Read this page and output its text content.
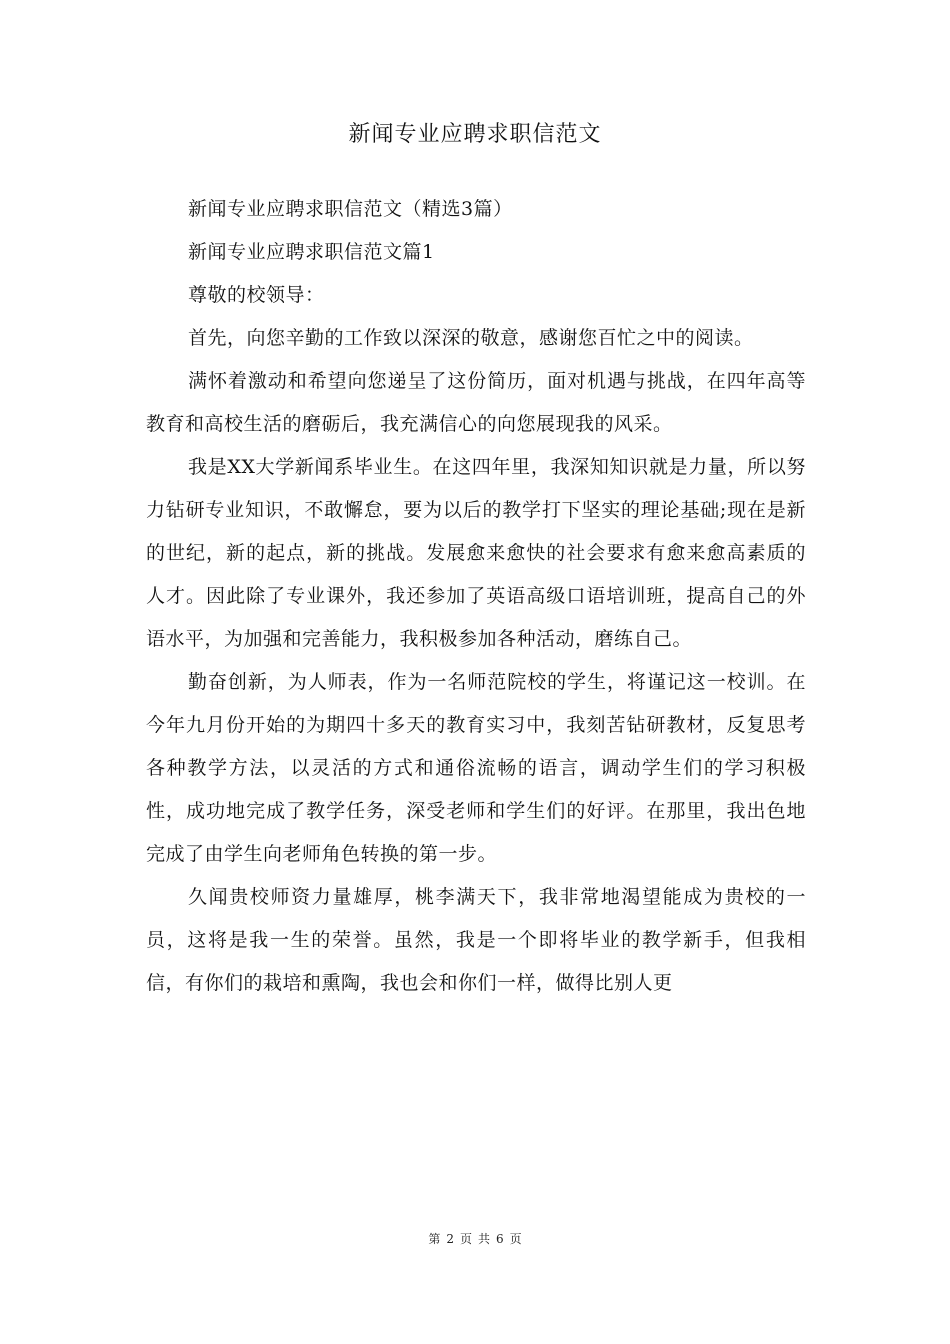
新闻专业应聘求职信范文

新闻专业应聘求职信范文（精选3篇）

新闻专业应聘求职信范文篇1

尊敬的校领导：

首先，向您辛勤的工作致以深深的敬意，感谢您百忙之中的阅读。

满怀着激动和希望向您递呈了这份简历，面对机遇与挑战，在四年高等教育和高校生活的磨砺后，我充满信心的向您展现我的风采。

我是XX大学新闻系毕业生。在这四年里，我深知知识就是力量，所以努力钻研专业知识，不敢懈怠，要为以后的教学打下坚实的理论基础;现在是新的世纪，新的起点，新的挑战。发展愈来愈快的社会要求有愈来愈高素质的人才。因此除了专业课外，我还参加了英语高级口语培训班，提高自己的外语水平，为加强和完善能力，我积极参加各种活动，磨练自己。

勤奋创新，为人师表，作为一名师范院校的学生，将谨记这一校训。在今年九月份开始的为期四十多天的教育实习中，我刻苦钻研教材，反复思考各种教学方法，以灵活的方式和通俗流畅的语言，调动学生们的学习积极性，成功地完成了教学任务，深受老师和学生们的好评。在那里，我出色地完成了由学生向老师角色转换的第一步。

久闻贵校师资力量雄厚，桃李满天下，我非常地渴望能成为贵校的一员，这将是我一生的荣誉。虽然，我是一个即将毕业的教学新手，但我相信，有你们的栽培和熏陶，我也会和你们一样，做得比别人更

第 2 页 共 6 页
